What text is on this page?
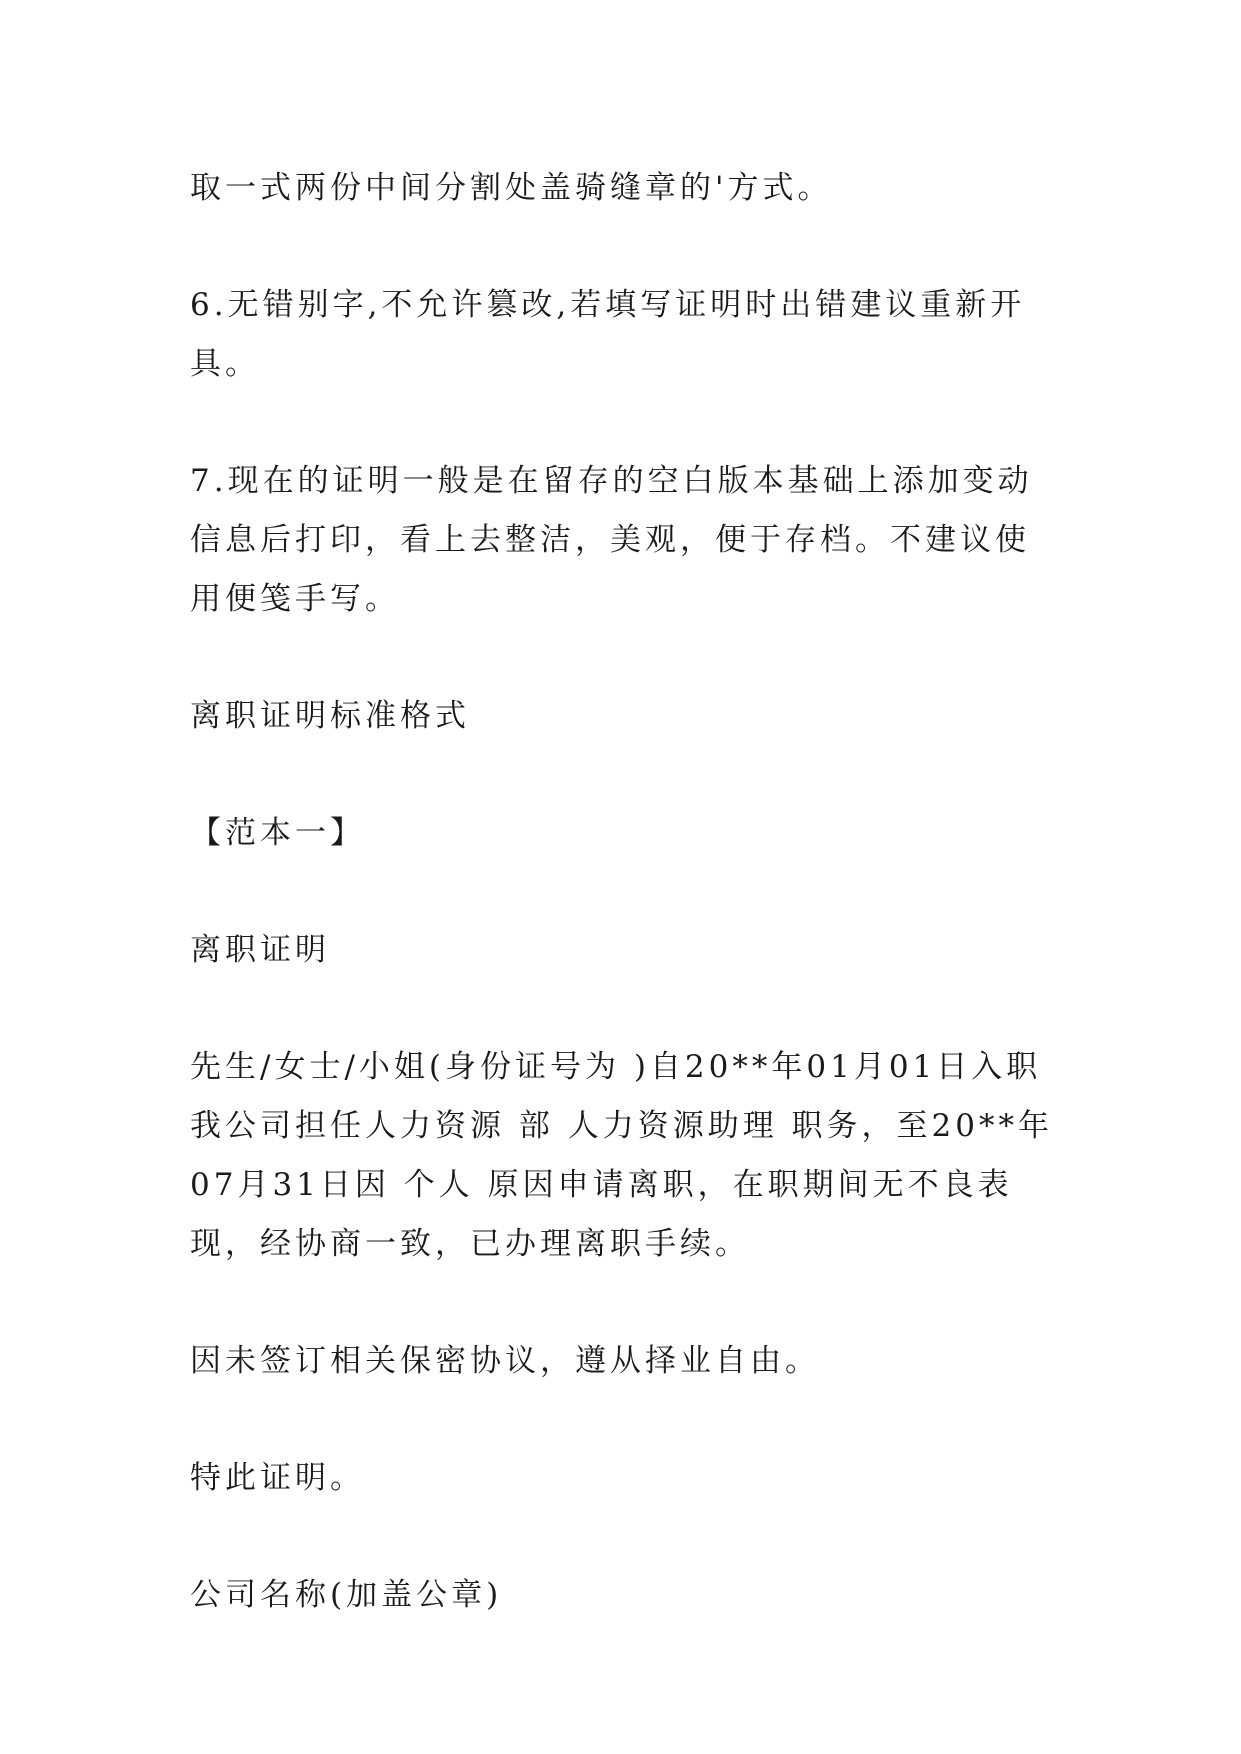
取一式两份中间分割处盖骑缝章的'方式。

6.无错别字,不允许篡改,若填写证明时出错建议重新开具。

7.现在的证明一般是在留存的空白版本基础上添加变动信息后打印，看上去整洁，美观，便于存档。不建议使用便笺手写。

离职证明标准格式

【范本一】

离职证明

先生/女士/小姐(身份证号为 )自20**年01月01日入职我公司担任人力资源 部 人力资源助理 职务，至20**年07月31日因 个人 原因申请离职，在职期间无不良表现，经协商一致，已办理离职手续。

因未签订相关保密协议，遵从择业自由。

特此证明。

公司名称(加盖公章)
